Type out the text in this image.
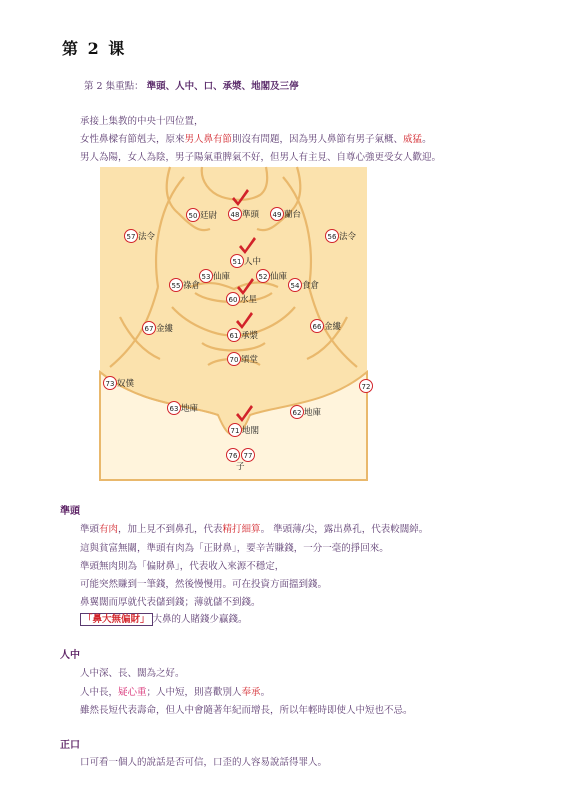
第 2 课
第 2 集重點： 準頭、人中、口、承漿、地閣及三停
承接上集教的中央十四位置，
女性鼻樑有節剋夫，原來男人鼻有節則沒有問題，因為男人鼻節有男子氣概、威猛。
男人為陽，女人為陰，男子陽氣重脾氣不好，但男人有主見、自尊心強更受女人歡迎。
48 準頭 49 蘭台
50 廷尉
51 人中
52 仙庫
53 仙庫
54 食倉
55 祿倉
56 法令
57 法令
60 水星
61 承漿
62 地庫
63 地庫
66 金縷
67 金縷
70 頌堂
71 地閣
72
73 奴僕
76 77
子
準頭
準頭有肉，加上見不到鼻孔，代表精打細算。 準頭薄/尖，露出鼻孔，代表較闊綽。
這與貧富無關，準頭有肉為「正財鼻」，要辛苦賺錢，一分一毫的掙回來。
準頭無肉則為「偏財鼻」，代表收入來源不穩定，
可能突然賺到一筆錢，然後慢慢用。可在投資方面搵到錢。
鼻翼闊而厚就代表儲到錢；薄就儲不到錢。
「鼻大無偏財」 大鼻的人賭錢少贏錢。
人中
人中深、長、闊為之好。
人中長，疑心重；人中短，則喜歡別人奉承。
雖然長短代表壽命，但人中會隨著年紀而增長，所以年輕時即使人中短也不忌。
正口
口可看一個人的說話是否可信，口歪的人容易說話得罪人。
